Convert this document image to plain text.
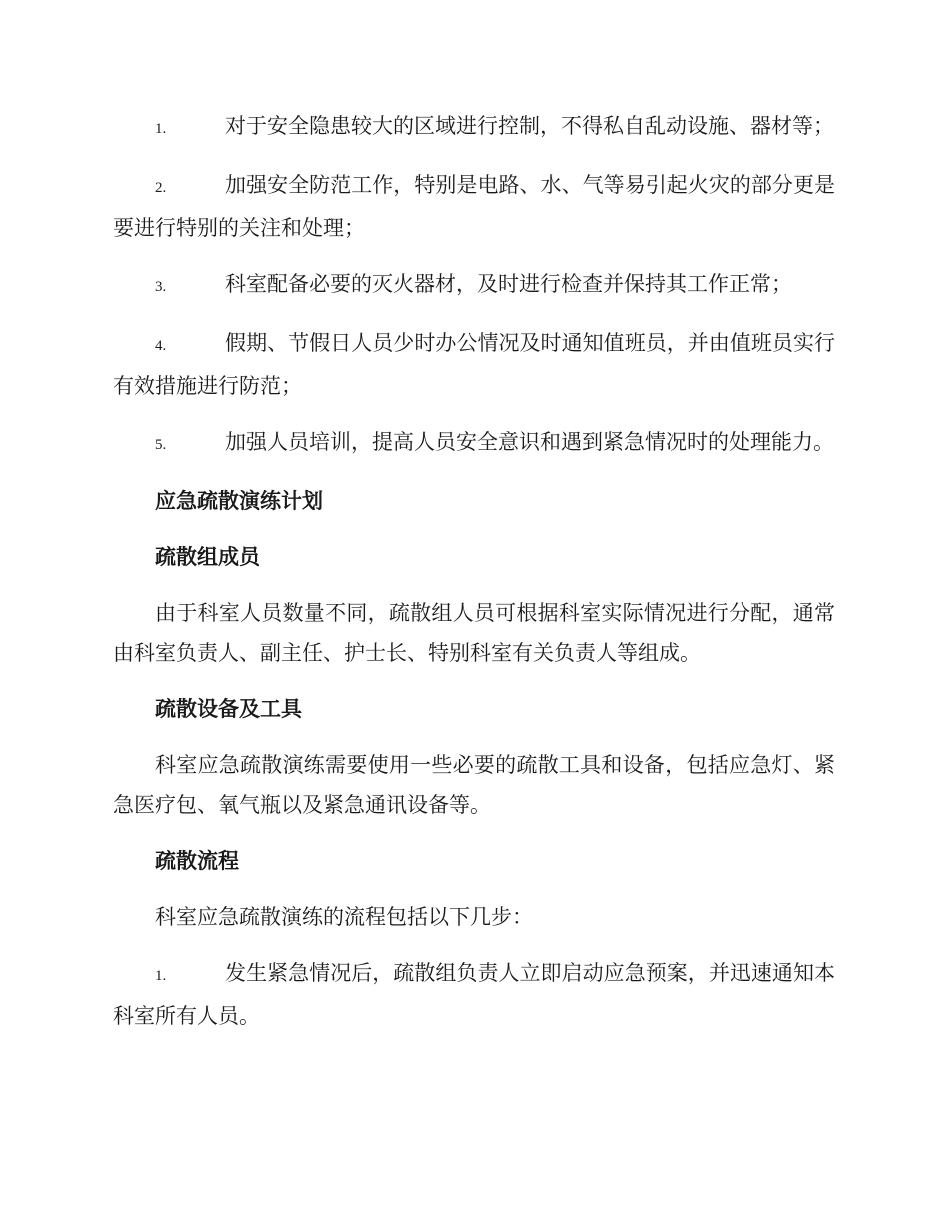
1.	对于安全隐患较大的区域进行控制，不得私自乱动设施、器材等；
2.	加强安全防范工作，特别是电路、水、气等易引起火灾的部分更是要进行特别的关注和处理；
3.	科室配备必要的灭火器材，及时进行检查并保持其工作正常；
4.	假期、节假日人员少时办公情况及时通知值班员，并由值班员实行有效措施进行防范；
5.	加强人员培训，提高人员安全意识和遇到紧急情况时的处理能力。
应急疏散演练计划
疏散组成员
由于科室人员数量不同，疏散组人员可根据科室实际情况进行分配，通常由科室负责人、副主任、护士长、特别科室有关负责人等组成。
疏散设备及工具
科室应急疏散演练需要使用一些必要的疏散工具和设备，包括应急灯、紧急医疗包、氧气瓶以及紧急通讯设备等。
疏散流程
科室应急疏散演练的流程包括以下几步：
1.	发生紧急情况后，疏散组负责人立即启动应急预案，并迅速通知本科室所有人员。
